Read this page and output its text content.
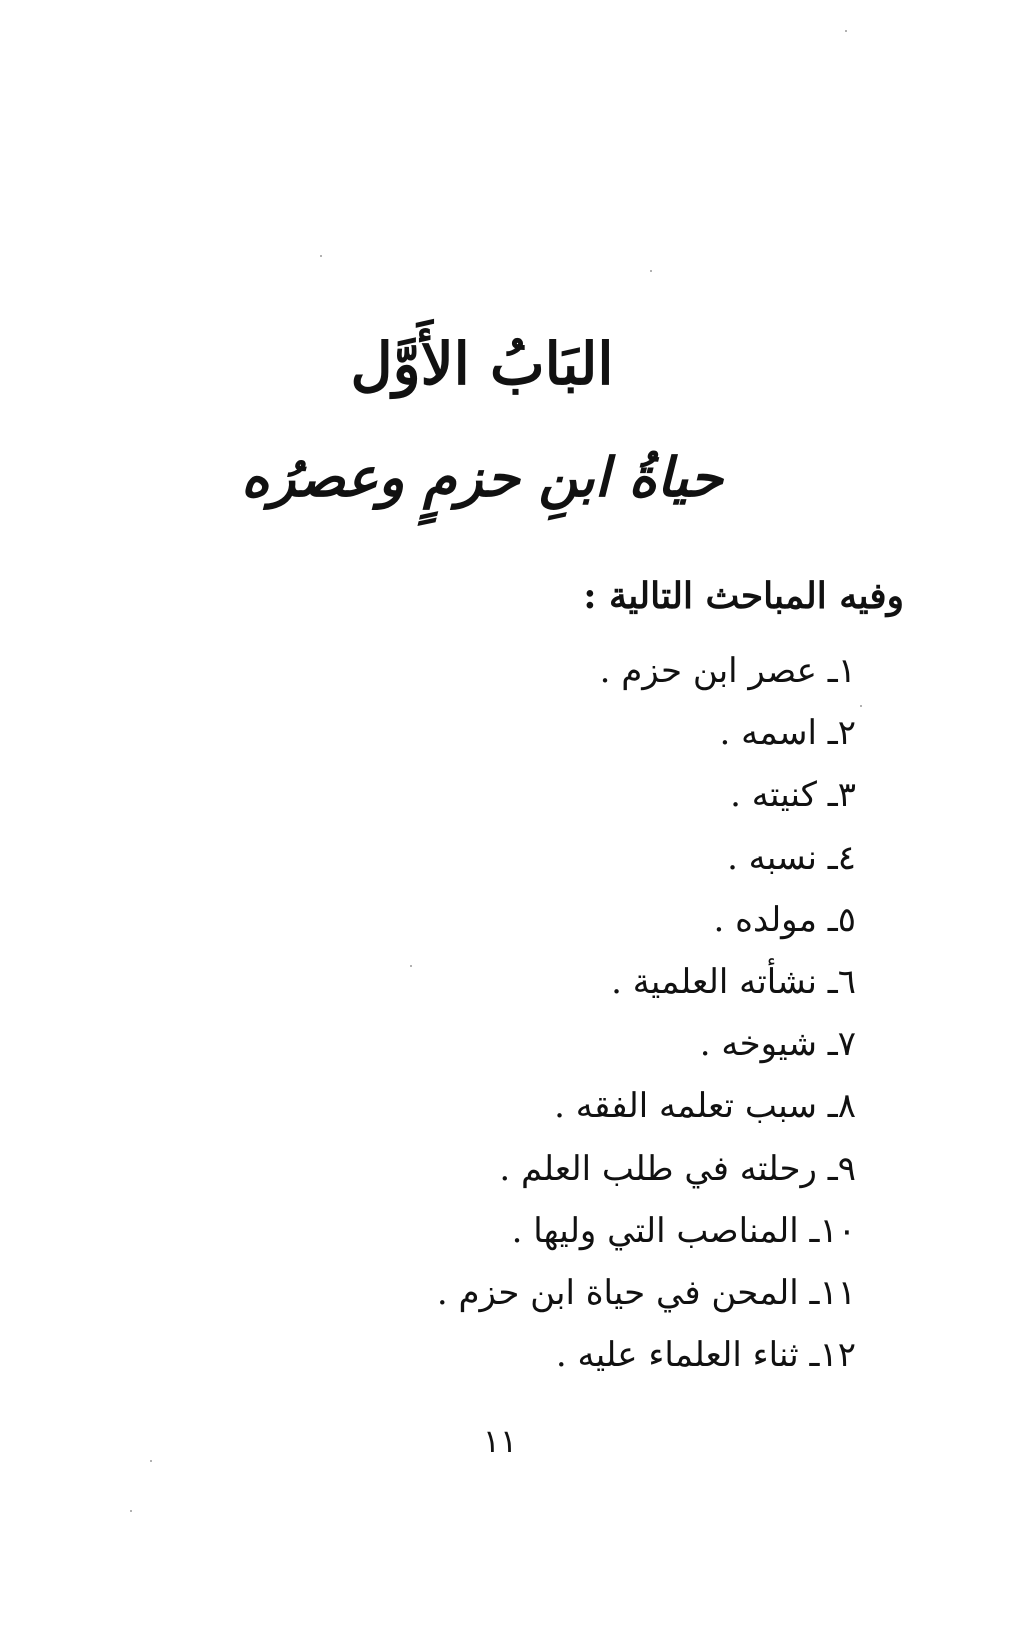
البَابُ الأَوَّل
حياةُ ابنِ حزمٍ وعصرُه
وفيه المباحث التالية :
١ـ عصر ابن حزم .
٢ـ اسمه .
٣ـ كنيته .
٤ـ نسبه .
٥ـ مولده .
٦ـ نشأته العلمية .
٧ـ شيوخه .
٨ـ سبب تعلمه الفقه .
٩ـ رحلته في طلب العلم .
١٠ـ المناصب التي وليها .
١١ـ المحن في حياة ابن حزم .
١٢ـ ثناء العلماء عليه .
١١
